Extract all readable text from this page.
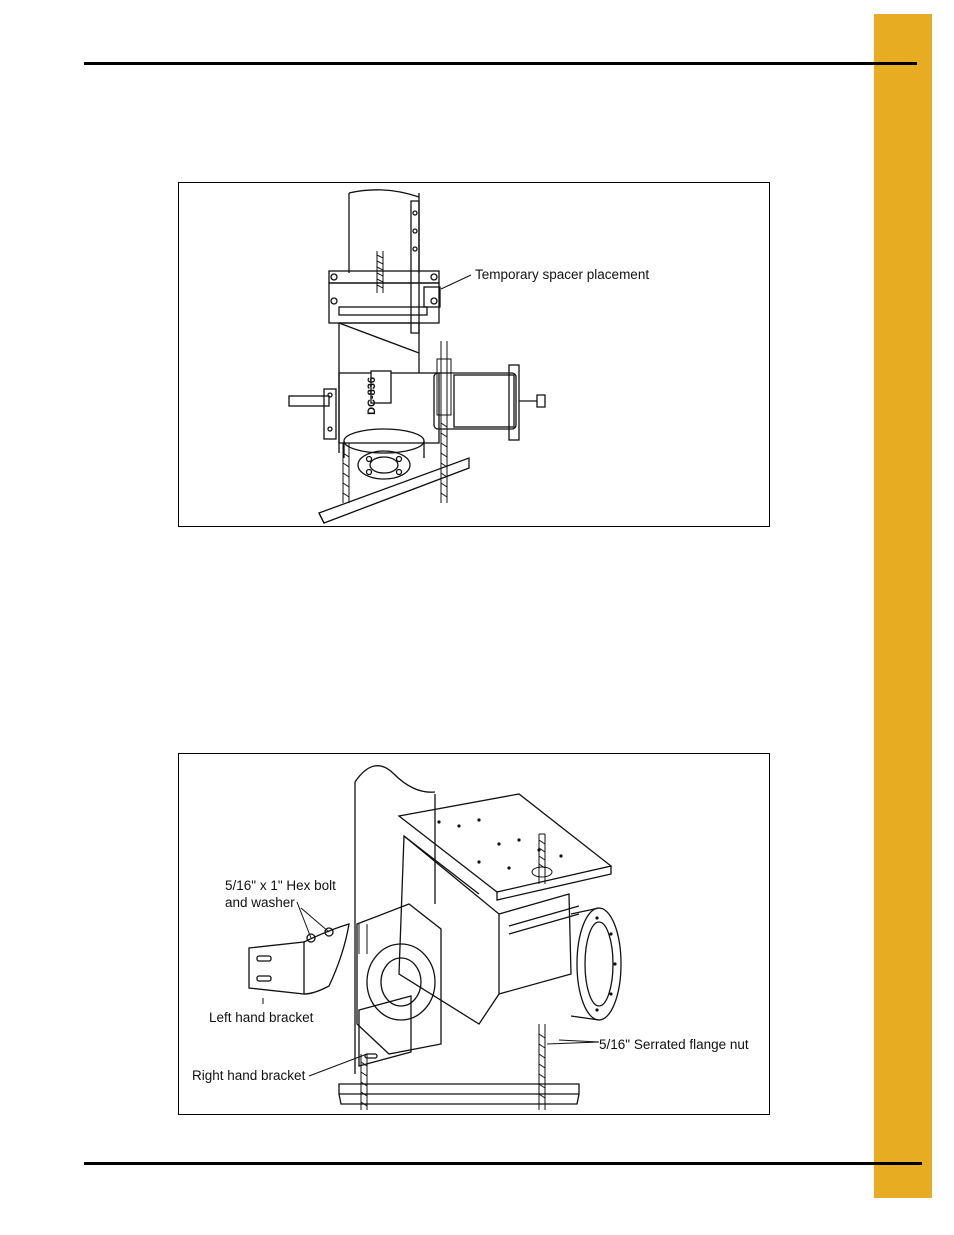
DC-836
Temporary spacer placement
5/16" x 1" Hex bolt
and washer
Left hand bracket
Right hand bracket
5/16" Serrated flange nut
